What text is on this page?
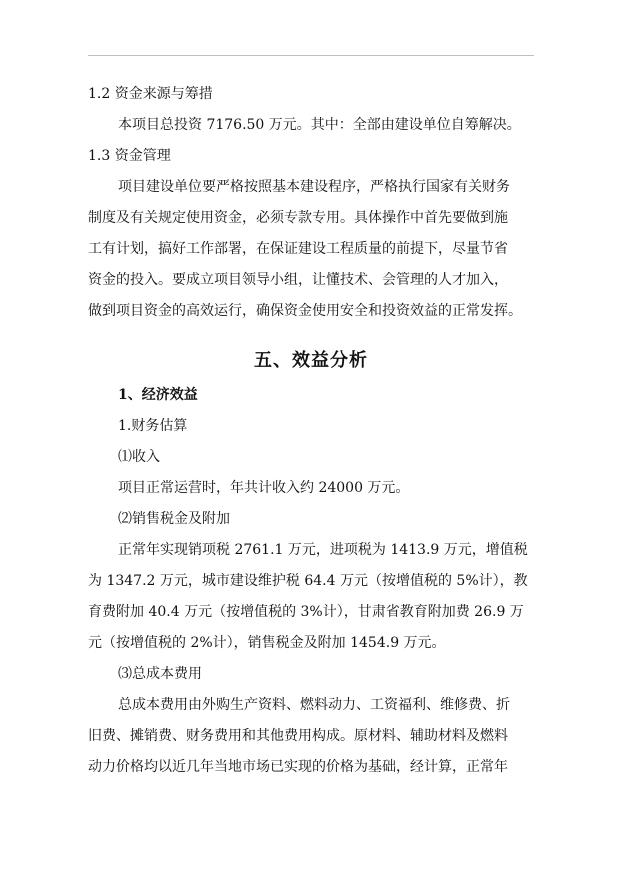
1.2 资金来源与筹措

本项目总投资 7176.50 万元。其中：全部由建设单位自筹解决。

1.3 资金管理

项目建设单位要严格按照基本建设程序，严格执行国家有关财务

制度及有关规定使用资金，必须专款专用。具体操作中首先要做到施

工有计划，搞好工作部署，在保证建设工程质量的前提下，尽量节省

资金的投入。要成立项目领导小组，让懂技术、会管理的人才加入，

做到项目资金的高效运行，确保资金使用安全和投资效益的正常发挥。

五、效益分析

1、经济效益

1.财务估算

⑴收入

项目正常运营时，年共计收入约 24000 万元。

⑵销售税金及附加

正常年实现销项税 2761.1 万元，进项税为 1413.9 万元，增值税

为 1347.2 万元，城市建设维护税 64.4 万元（按增值税的 5%计），教

育费附加 40.4 万元（按增值税的 3%计），甘肃省教育附加费 26.9 万

元（按增值税的 2%计），销售税金及附加 1454.9 万元。

⑶总成本费用

总成本费用由外购生产资料、燃料动力、工资福利、维修费、折

旧费、摊销费、财务费用和其他费用构成。原材料、辅助材料及燃料

动力价格均以近几年当地市场已实现的价格为基础，经计算，正常年
